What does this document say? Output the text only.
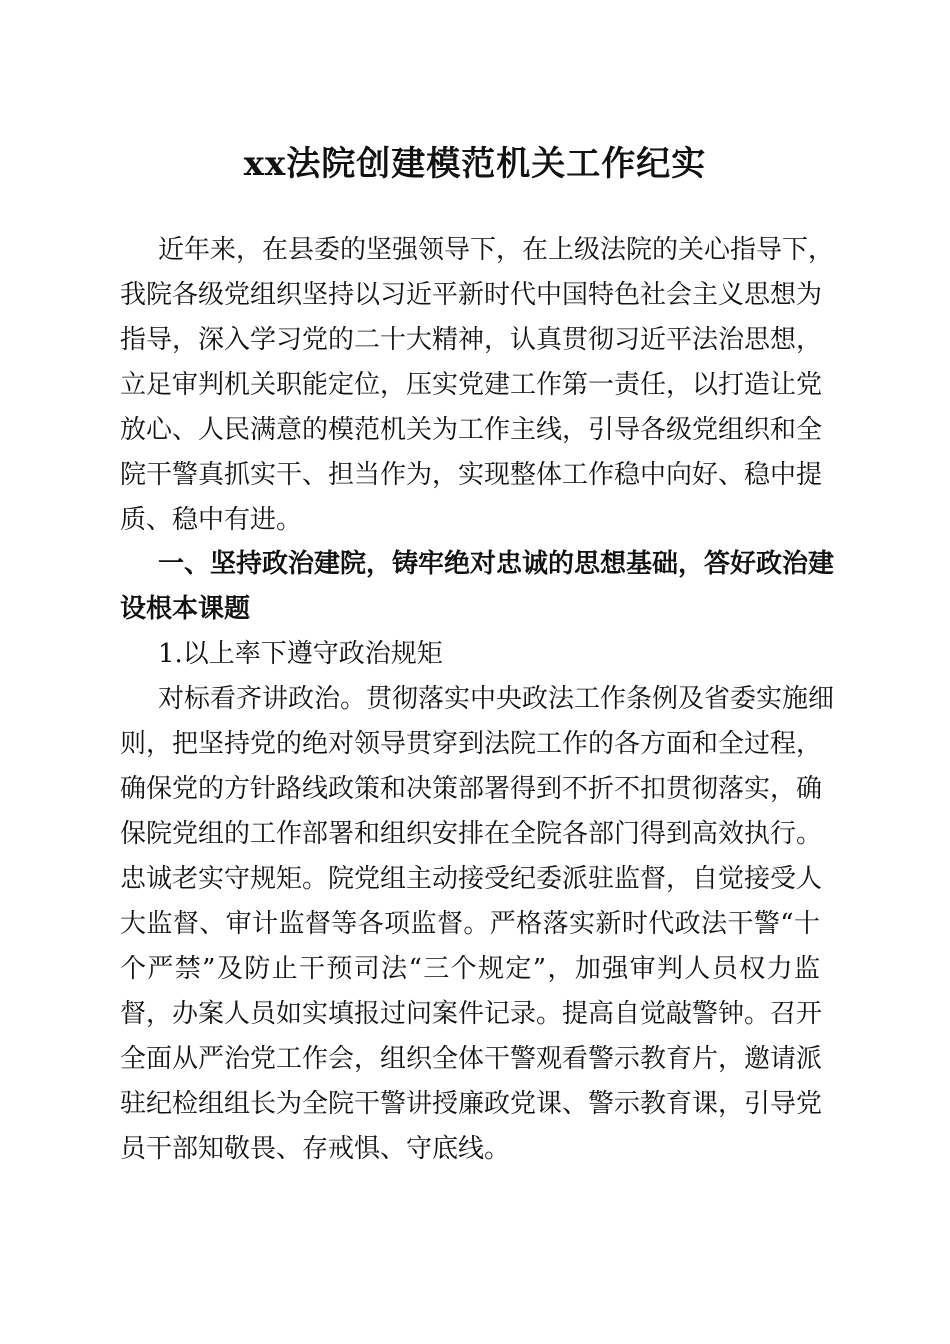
xx法院创建模范机关工作纪实
近年来，在县委的坚强领导下，在上级法院的关心指导下，
我院各级党组织坚持以习近平新时代中国特色社会主义思想为
指导，深入学习党的二十大精神，认真贯彻习近平法治思想，
立足审判机关职能定位，压实党建工作第一责任，以打造让党
放心、人民满意的模范机关为工作主线，引导各级党组织和全
院干警真抓实干、担当作为，实现整体工作稳中向好、稳中提
质、稳中有进。
一、坚持政治建院，铸牢绝对忠诚的思想基础，答好政治建
设根本课题
1.以上率下遵守政治规矩
对标看齐讲政治。贯彻落实中央政法工作条例及省委实施细
则，把坚持党的绝对领导贯穿到法院工作的各方面和全过程，
确保党的方针路线政策和决策部署得到不折不扣贯彻落实，确
保院党组的工作部署和组织安排在全院各部门得到高效执行。
忠诚老实守规矩。院党组主动接受纪委派驻监督，自觉接受人
大监督、审计监督等各项监督。严格落实新时代政法干警“十
个严禁”及防止干预司法“三个规定”，加强审判人员权力监
督，办案人员如实填报过问案件记录。提高自觉敲警钟。召开
全面从严治党工作会，组织全体干警观看警示教育片，邀请派
驻纪检组组长为全院干警讲授廉政党课、警示教育课，引导党
员干部知敬畏、存戒惧、守底线。
